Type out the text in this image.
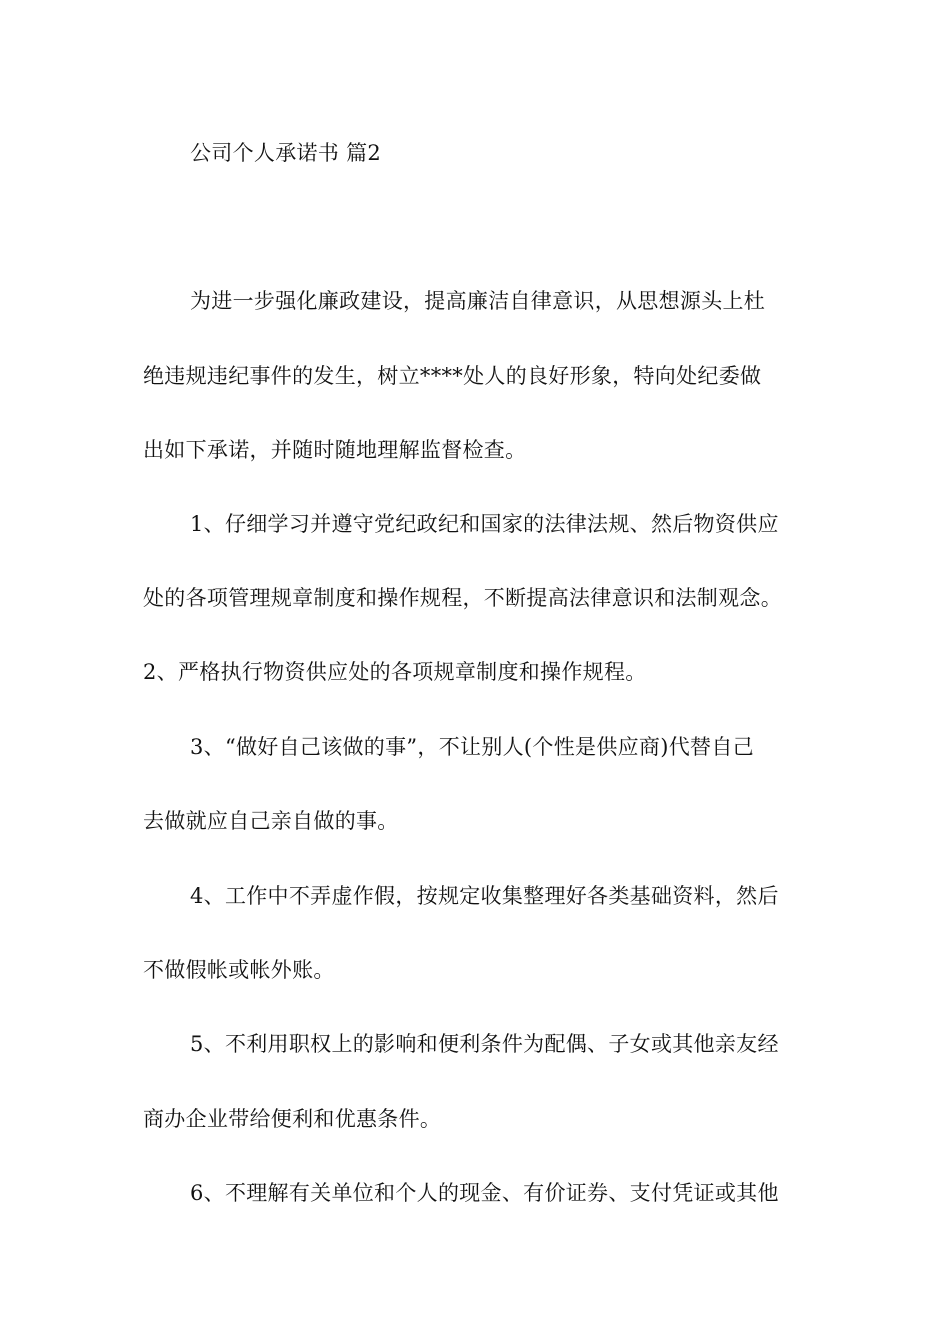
公司个人承诺书 篇2

为进一步强化廉政建设，提高廉洁自律意识，从思想源头上杜

绝违规违纪事件的发生，树立****处人的良好形象，特向处纪委做

出如下承诺，并随时随地理解监督检查。

1、仔细学习并遵守党纪政纪和国家的法律法规、然后物资供应

处的各项管理规章制度和操作规程，不断提高法律意识和法制观念。

2、严格执行物资供应处的各项规章制度和操作规程。

3、“做好自己该做的事”，不让别人(个性是供应商)代替自己

去做就应自己亲自做的事。

4、工作中不弄虚作假，按规定收集整理好各类基础资料，然后

不做假帐或帐外账。

5、不利用职权上的影响和便利条件为配偶、子女或其他亲友经

商办企业带给便利和优惠条件。

6、不理解有关单位和个人的现金、有价证券、支付凭证或其他
